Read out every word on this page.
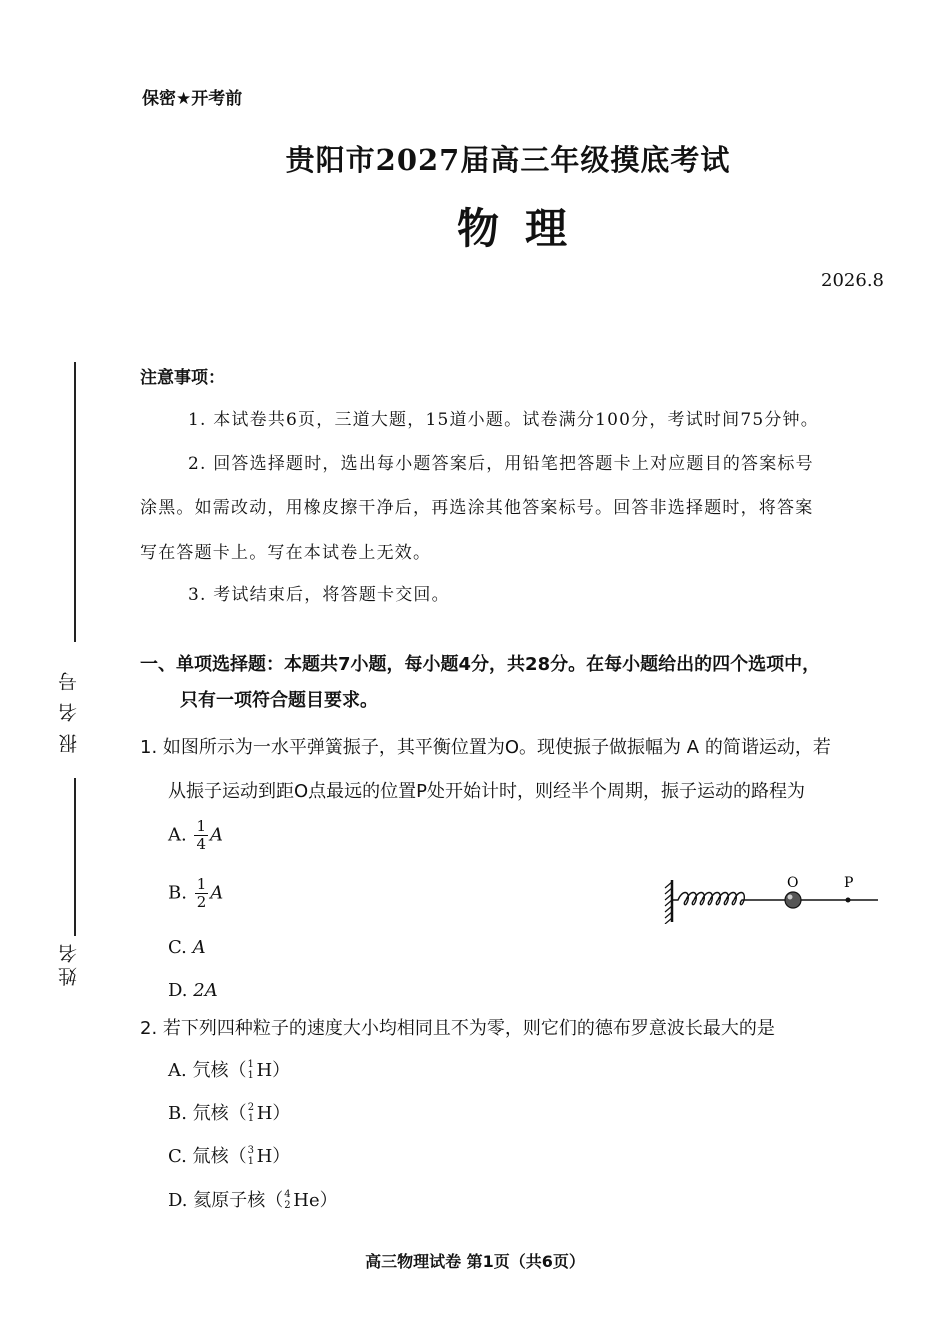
保密★开考前
贵阳市2027届高三年级摸底考试
物理
2026.8
报名号
姓名
注意事项：
1. 本试卷共6页，三道大题，15道小题。试卷满分100分，考试时间75分钟。
2. 回答选择题时，选出每小题答案后，用铅笔把答题卡上对应题目的答案标号
涂黑。如需改动，用橡皮擦干净后，再选涂其他答案标号。回答非选择题时，将答案
写在答题卡上。写在本试卷上无效。
3. 考试结束后，将答题卡交回。
一、单项选择题：本题共7小题，每小题4分，共28分。在每小题给出的四个选项中，
只有一项符合题目要求。
1. 如图所示为一水平弹簧振子，其平衡位置为O。现使振子做振幅为 A 的简谐运动，若
从振子运动到距O点最远的位置P处开始计时，则经半个周期，振子运动的路程为
A. $\frac{1}{4}$ A
B. $\frac{1}{2}$ A
C. A
D. 2A
O	P
2. 若下列四种粒子的速度大小均相同且不为零，则它们的德布罗意波长最大的是
A. 氕核（ 1
1 H）
B. 氘核（ 2
1 H）
C. 氚核（ 3
1 H）
D. 氦原子核（ 4
2 He）
高三物理试卷 第1页（共6页）
